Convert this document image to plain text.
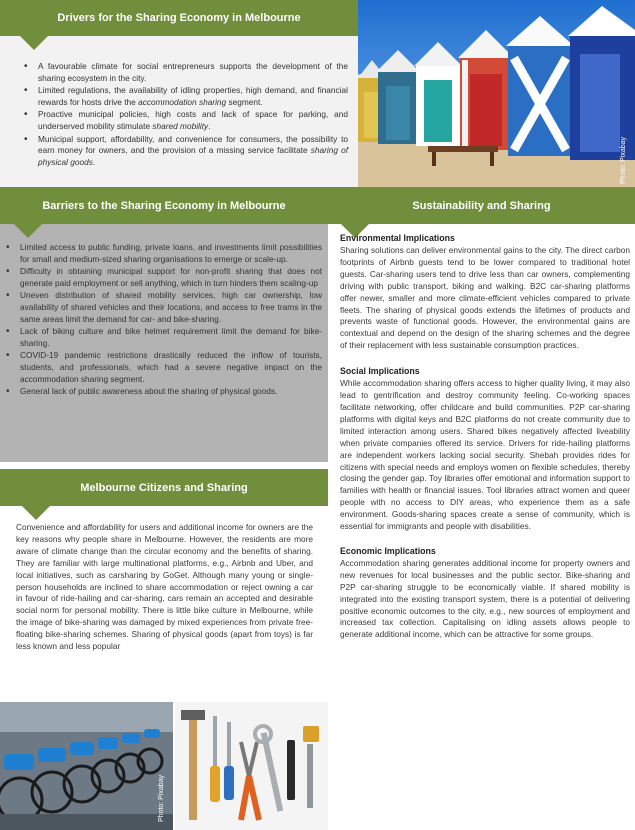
Drivers for the Sharing Economy in Melbourne
• A favourable climate for social entrepreneurs supports the development of the sharing ecosystem in the city.
• Limited regulations, the availability of idling properties, high demand, and financial rewards for hosts drive the accommodation sharing segment.
• Proactive municipal policies, high costs and lack of space for parking, and underserved mobility stimulate shared mobility.
• Municipal support, affordability, and convenience for consumers, the possibility to earn money for owners, and the provision of a missing service facilitate sharing of physical goods.	Photo: Pixabay
Barriers to the Sharing Economy in Melbourne
• Limited access to public funding, private loans, and investments limit possibilities for small and medium-sized sharing organisations to emerge or scale-up.
• Difficulty in obtaining municipal support for non-profit sharing that does not generate paid employment or sell anything, which in turn hinders them scaling-up
• Uneven distribution of shared mobility services, high car ownership, low availability of shared vehicles and their locations, and access to free trams in the same areas limit the demand for car- and bike-sharing.
• Lack of biking culture and bike helmet requirement limit the demand for bike-sharing.
• COVID-19 pandemic restrictions drastically reduced the inflow of tourists, students, and professionals, which had a severe negative impact on the accommodation sharing segment.
• General lack of public awareness about the sharing of physical goods.
Sustainability and Sharing
Environmental Implications
Sharing solutions can deliver environmental gains to the city. The direct carbon footprints of Airbnb guests tend to be lower compared to traditional hotel guests. Car-sharing users tend to drive less than car owners, complementing driving with public transport, biking and walking. B2C car-sharing platforms offer newer, smaller and more climate-efficient vehicles compared to private fleets. The sharing of physical goods extends the lifetimes of products and prevents waste of functional goods. However, the environmental gains are contextual and depend on the design of the sharing schemes and the degree of their replacement with less sustainable consumption practices.
Social Implications
While accommodation sharing offers access to higher quality living, it may also lead to gentrification and destroy community feeling. Co-working spaces facilitate networking, offer childcare and build communities. P2P car-sharing platforms with digital keys and B2C platforms do not create community due to limited interaction among users. Shared bikes negatively affected liveability when private companies offered its service. Drivers for ride-hailing platforms are independent workers lacking social security. Shebah provides rides for citizens with special needs and employs women on flexible schedules, thereby closing the gender gap. Toy libraries offer emotional and information support to families with health or financial issues. Tool libraries attract women and queer people with no access to DIY areas, who experience them as a safe environment. Goods-sharing spaces create a sense of community, which is essential for immigrants and people with disabilities.
Economic Implications
Accommodation sharing generates additional income for property owners and new revenues for local businesses and the public sector. Bike-sharing and P2P car-sharing struggle to be economically viable. If shared mobility is integrated into the existing transport system, there is a potential of delivering positive economic outcomes to the city, e.g., new sources of employment and increased tax collection. Capitalising on idling assets allows people to generate additional income, which can be attractive for some groups.
Melbourne Citizens and Sharing
Convenience and affordability for users and additional income for owners are the key reasons why people share in Melbourne. However, the residents are more aware of climate change than the circular economy and the benefits of sharing. They are familiar with large multinational platforms, e.g., Airbnb and Uber, and local initiatives, such as carsharing by GoGet. Although many young or single-person households are inclined to share accommodation or reject owning a car in favour of ride-hailing and car-sharing, cars remain an accepted and desirable social norm for personal mobility. There is little bike culture in Melbourne, while the image of bike-sharing was damaged by mixed experiences from private free-floating bike-sharing schemes. Sharing of physical goods (apart from toys) is far less known and less popular
Photo: Pixabay
